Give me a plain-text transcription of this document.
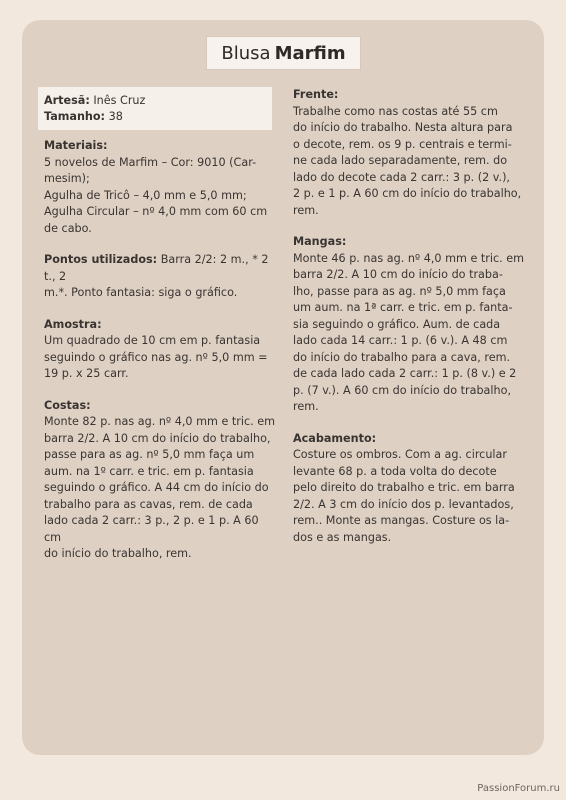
Blusa Marfim
Artesã: Inês Cruz
Tamanho: 38
Materiais:
5 novelos de Marfim – Cor: 9010 (Car-
mesim);
Agulha de Tricô – 4,0 mm e 5,0 mm;
Agulha Circular – nº 4,0 mm com 60 cm
de cabo.
Pontos utilizados: Barra 2/2: 2 m., * 2 t., 2
m.*. Ponto fantasia: siga o gráfico.
Amostra:
Um quadrado de 10 cm em p. fantasia
seguindo o gráfico nas ag. nº 5,0 mm =
19 p. x 25 carr.
Costas:
Monte 82 p. nas ag. nº 4,0 mm e tric. em
barra 2/2. A 10 cm do início do trabalho,
passe para as ag. nº 5,0 mm faça um
aum. na 1º carr. e tric. em p. fantasia
seguindo o gráfico. A 44 cm do início do
trabalho para as cavas, rem. de cada
lado cada 2 carr.: 3 p., 2 p. e 1 p. A 60 cm
do início do trabalho, rem.
Frente:
Trabalhe como nas costas até 55 cm
do início do trabalho. Nesta altura para
o decote, rem. os 9 p. centrais e termi-
ne cada lado separadamente, rem. do
lado do decote cada 2 carr.: 3 p. (2 v.),
2 p. e 1 p. A 60 cm do início do trabalho,
rem.
Mangas:
Monte 46 p. nas ag. nº 4,0 mm e tric. em
barra 2/2. A 10 cm do início do traba-
lho, passe para as ag. nº 5,0 mm faça
um aum. na 1ª carr. e tric. em p. fanta-
sia seguindo o gráfico. Aum. de cada
lado cada 14 carr.: 1 p. (6 v.). A 48 cm
do início do trabalho para a cava, rem.
de cada lado cada 2 carr.: 1 p. (8 v.) e 2
p. (7 v.). A 60 cm do início do trabalho,
rem.
Acabamento:
Costure os ombros. Com a ag. circular
levante 68 p. a toda volta do decote
pelo direito do trabalho e tric. em barra
2/2. A 3 cm do início dos p. levantados,
rem.. Monte as mangas. Costure os la-
dos e as mangas.
PassionForum.ru
